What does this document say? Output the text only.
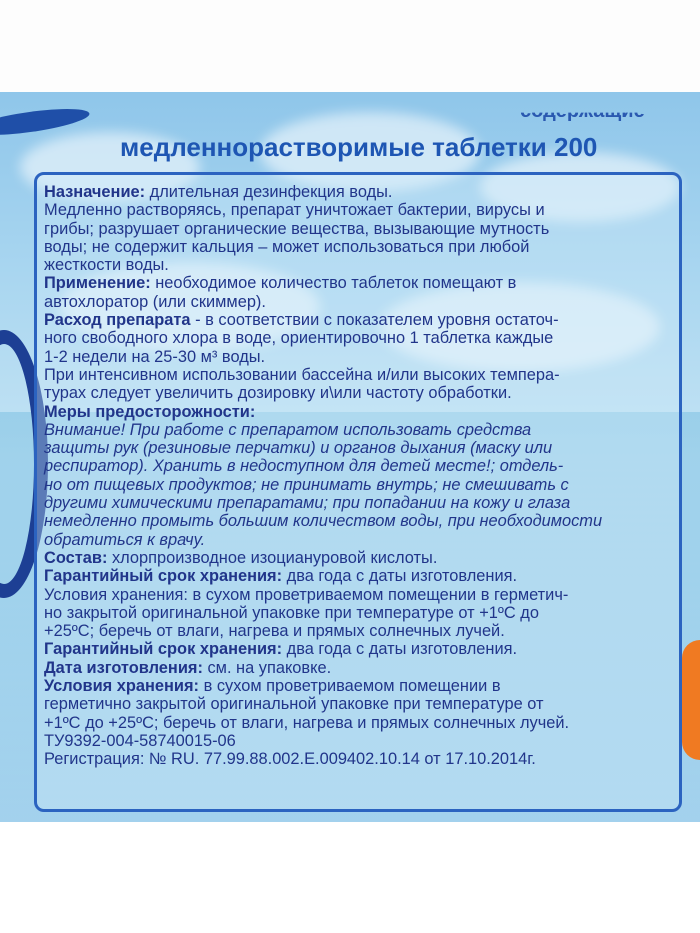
медленнорастворимые таблетки 200

Назначение: длительная дезинфекция воды.

Медленно растворяясь, препарат уничтожает бактерии, вирусы и

грибы; разрушает органические вещества, вызывающие мутность

воды; не содержит кальция – может использоваться при любой

жесткости воды.

Применение: необходимое количество таблеток помещают в

автохлоратор (или скиммер).

Расход препарата - в соответствии с показателем уровня остаточ-

ного свободного хлора в воде, ориентировочно 1 таблетка каждые

1-2 недели на 25-30 м³ воды.

При интенсивном использовании бассейна и/или высоких темпера-

турах следует увеличить дозировку и\или частоту обработки.

Меры предосторожности:

Внимание! При работе с препаратом использовать средства

защиты рук (резиновые перчатки) и органов дыхания (маску или

респиратор). Хранить в недоступном для детей месте!; отдель-

но от пищевых продуктов; не принимать внутрь; не смешивать с

другими химическими препаратами; при попадании на кожу и глаза

немедленно промыть большим количеством воды, при необходимости

обратиться к врачу.

Состав: хлорпроизводное изоциануровой кислоты.

Гарантийный срок хранения: два года с даты изготовления.

Условия хранения: в сухом проветриваемом помещении в герметич-

но закрытой оригинальной упаковке при температуре от +1ºС до

+25ºС; беречь от влаги, нагрева и прямых солнечных лучей.

Гарантийный срок хранения: два года с даты изготовления.

Дата изготовления: см. на упаковке.

Условия хранения: в сухом проветриваемом помещении в

герметично закрытой оригинальной упаковке при температуре от

+1ºС до +25ºС; беречь от влаги, нагрева и прямых солнечных лучей.

ТУ9392-004-58740015-06

Регистрация: № RU. 77.99.88.002.Е.009402.10.14 от 17.10.2014г.
